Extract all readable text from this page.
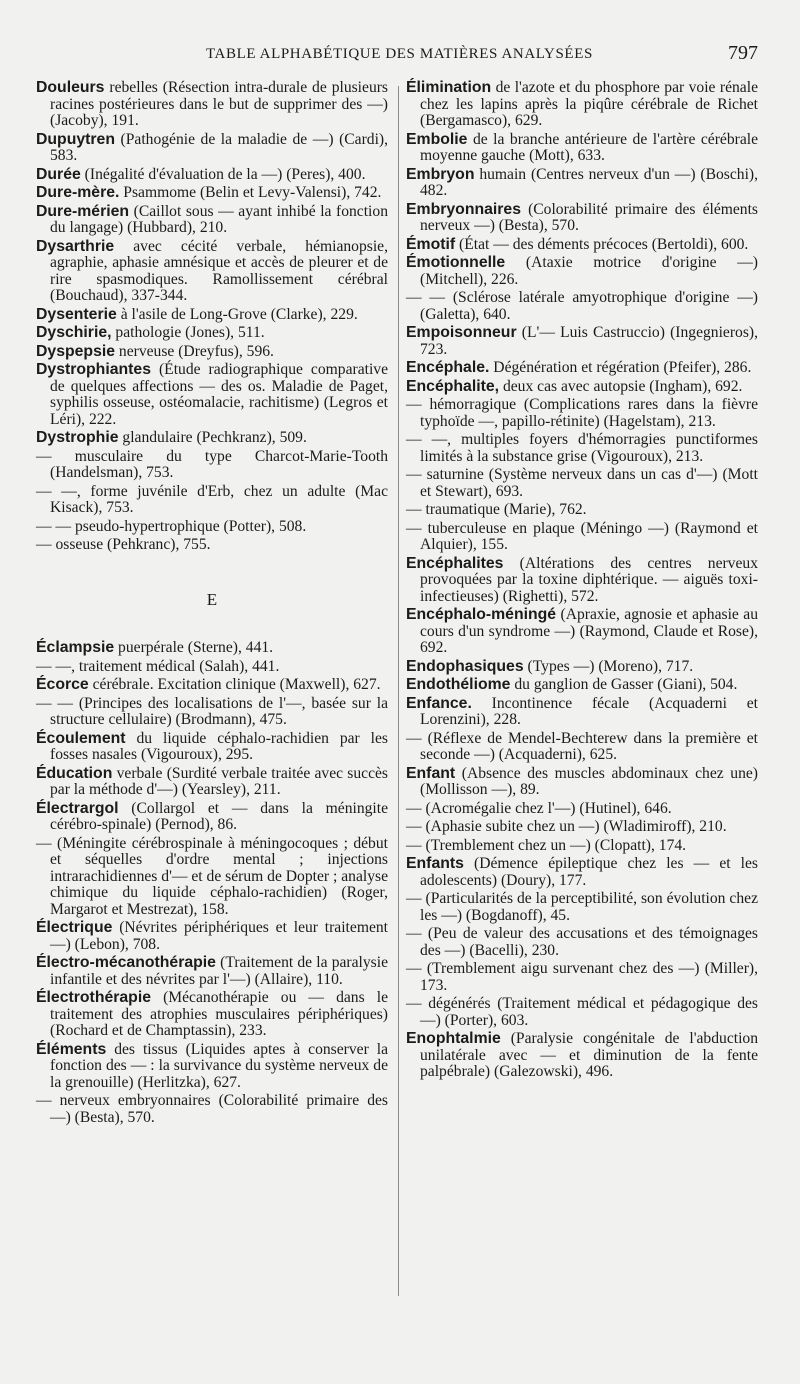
TABLE ALPHABÉTIQUE DES MATIÈRES ANALYSÉES	797

Douleurs rebelles (Résection intra-durale de plusieurs racines postérieures dans le but de supprimer des —) (Jacoby), 191.

Dupuytren (Pathogénie de la maladie de —) (Cardi), 583.

Durée (Inégalité d'évaluation de la —) (Peres), 400.

Dure-mère. Psammome (Belin et Levy-Valensi), 742.

Dure-mérien (Caillot sous — ayant inhibé la fonction du langage) (Hubbard), 210.

Dysarthrie avec cécité verbale, hémianopsie, agraphie, aphasie amnésique et accès de pleurer et de rire spasmodiques. Ramollissement cérébral (Bouchaud), 337-344.

Dysenterie à l'asile de Long-Grove (Clarke), 229.

Dyschirie, pathologie (Jones), 511.

Dyspepsie nerveuse (Dreyfus), 596.

Dystrophiantes (Étude radiographique comparative de quelques affections — des os. Maladie de Paget, syphilis osseuse, ostéomalacie, rachitisme) (Legros et Léri), 222.

Dystrophie glandulaire (Pechkranz), 509.

— musculaire du type Charcot-Marie-Tooth (Handelsman), 753.

— —, forme juvénile d'Erb, chez un adulte (Mac Kisack), 753.

— — pseudo-hypertrophique (Potter), 508.

— osseuse (Pehkranc), 755.

E

Éclampsie puerpérale (Sterne), 441.

— —, traitement médical (Salah), 441.

Écorce cérébrale. Excitation clinique (Maxwell), 627.

— — (Principes des localisations de l'—, basée sur la structure cellulaire) (Brodmann), 475.

Écoulement du liquide céphalo-rachidien par les fosses nasales (Vigouroux), 295.

Éducation verbale (Surdité verbale traitée avec succès par la méthode d'—) (Yearsley), 211.

Électrargol (Collargol et — dans la méningite cérébro-spinale) (Pernod), 86.

— (Méningite cérébrospinale à méningocoques ; début et séquelles d'ordre mental ; injections intrarachidiennes d'— et de sérum de Dopter ; analyse chimique du liquide céphalo-rachidien) (Roger, Margarot et Mestrezat), 158.

Électrique (Névrites périphériques et leur traitement —) (Lebon), 708.

Électro-mécanothérapie (Traitement de la paralysie infantile et des névrites par l'—) (Allaire), 110.

Électrothérapie (Mécanothérapie ou — dans le traitement des atrophies musculaires périphériques) (Rochard et de Champtassin), 233.

Éléments des tissus (Liquides aptes à conserver la fonction des — : la survivance du système nerveux de la grenouille) (Herlitzka), 627.

— nerveux embryonnaires (Colorabilité primaire des —) (Besta), 570.

Élimination de l'azote et du phosphore par voie rénale chez les lapins après la piqûre cérébrale de Richet (Bergamasco), 629.

Embolie de la branche antérieure de l'artère cérébrale moyenne gauche (Mott), 633.

Embryon humain (Centres nerveux d'un —) (Boschi), 482.

Embryonnaires (Colorabilité primaire des éléments nerveux —) (Besta), 570.

Émotif (État — des déments précoces (Bertoldi), 600.

Émotionnelle (Ataxie motrice d'origine —) (Mitchell), 226.

— — (Sclérose latérale amyotrophique d'origine —) (Galetta), 640.

Empoisonneur (L'— Luis Castruccio) (Ingegnieros), 723.

Encéphale. Dégénération et régération (Pfeifer), 286.

Encéphalite, deux cas avec autopsie (Ingham), 692.

— hémorragique (Complications rares dans la fièvre typhoïde —, papillo-rétinite) (Hagelstam), 213.

— —, multiples foyers d'hémorragies punctiformes limités à la substance grise (Vigouroux), 213.

— saturnine (Système nerveux dans un cas d'—) (Mott et Stewart), 693.

— traumatique (Marie), 762.

— tuberculeuse en plaque (Méningo —) (Raymond et Alquier), 155.

Encéphalites (Altérations des centres nerveux provoquées par la toxine diphtérique. — aiguës toxi-infectieuses) (Righetti), 572.

Encéphalo-méningé (Apraxie, agnosie et aphasie au cours d'un syndrome —) (Raymond, Claude et Rose), 692.

Endophasiques (Types —) (Moreno), 717.

Endothéliome du ganglion de Gasser (Giani), 504.

Enfance. Incontinence fécale (Acquaderni et Lorenzini), 228.

— (Réflexe de Mendel-Bechterew dans la première et seconde —) (Acquaderni), 625.

Enfant (Absence des muscles abdominaux chez une) (Mollisson —), 89.

— (Acromégalie chez l'—) (Hutinel), 646.

— (Aphasie subite chez un —) (Wladimiroff), 210.

— (Tremblement chez un —) (Clopatt), 174.

Enfants (Démence épileptique chez les — et les adolescents) (Doury), 177.

— (Particularités de la perceptibilité, son évolution chez les —) (Bogdanoff), 45.

— (Peu de valeur des accusations et des témoignages des —) (Bacelli), 230.

— (Tremblement aigu survenant chez des —) (Miller), 173.

— dégénérés (Traitement médical et pédagogique des —) (Porter), 603.

Enophtalmie (Paralysie congénitale de l'abduction unilatérale avec — et diminution de la fente palpébrale) (Galezowski), 496.
